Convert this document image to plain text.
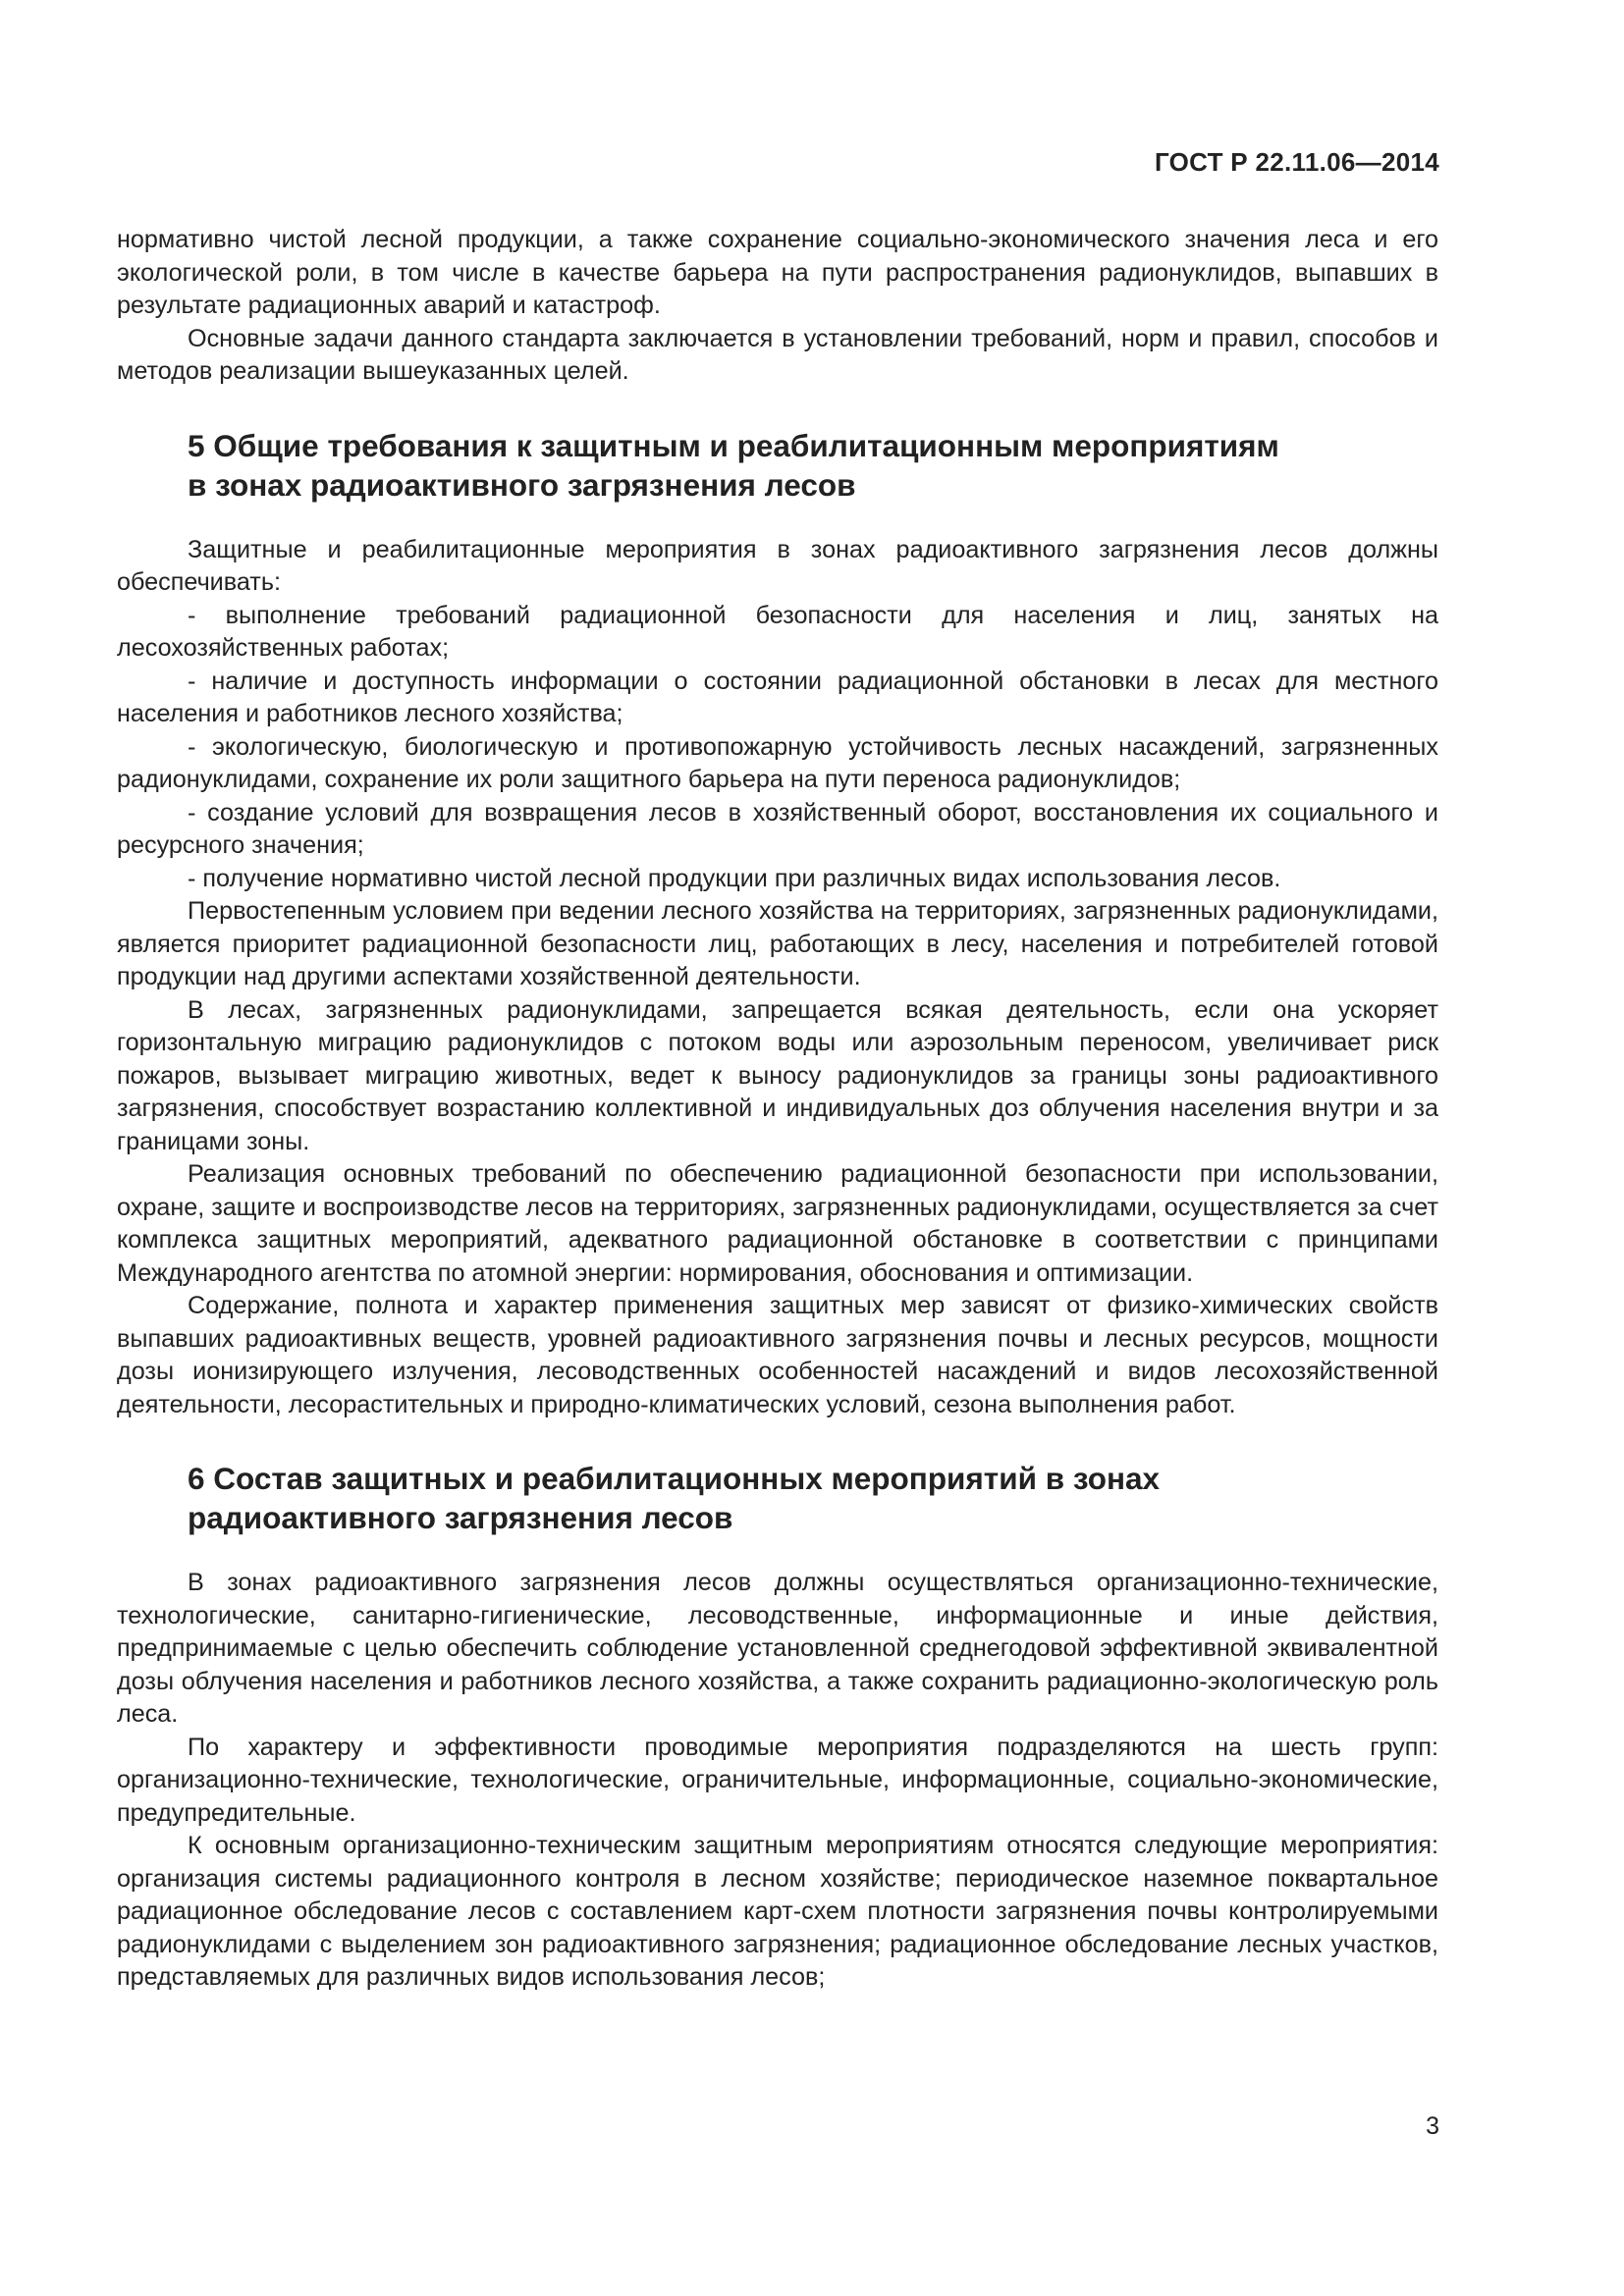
ГОСТ Р 22.11.06—2014

нормативно чистой лесной продукции, а также сохранение социально-экономического значения леса и его экологической роли, в том числе в качестве барьера на пути распространения радионуклидов, выпавших в результате радиационных аварий и катастроф.

Основные задачи данного стандарта заключается в установлении требований, норм и правил, способов и методов реализации вышеуказанных целей.

5 Общие требования к защитным и реабилитационным мероприятиям
в зонах радиоактивного загрязнения лесов

Защитные и реабилитационные мероприятия в зонах радиоактивного загрязнения лесов должны обеспечивать:

- выполнение требований радиационной безопасности для населения и лиц, занятых на лесохозяйственных работах;

- наличие и доступность информации о состоянии радиационной обстановки в лесах для местного населения и работников лесного хозяйства;

- экологическую, биологическую и противопожарную устойчивость лесных насаждений, загрязненных радионуклидами, сохранение их роли защитного барьера на пути переноса радионуклидов;

- создание условий для возвращения лесов в хозяйственный оборот, восстановления их социального и ресурсного значения;

- получение нормативно чистой лесной продукции при различных видах использования лесов.

Первостепенным условием при ведении лесного хозяйства на территориях, загрязненных радионуклидами, является приоритет радиационной безопасности лиц, работающих в лесу, населения и потребителей готовой продукции над другими аспектами хозяйственной деятельности.

В лесах, загрязненных радионуклидами, запрещается всякая деятельность, если она ускоряет горизонтальную миграцию радионуклидов с потоком воды или аэрозольным переносом, увеличивает риск пожаров, вызывает миграцию животных, ведет к выносу радионуклидов за границы зоны радиоактивного загрязнения, способствует возрастанию коллективной и индивидуальных доз облучения населения внутри и за границами зоны.

Реализация основных требований по обеспечению радиационной безопасности при использовании, охране, защите и воспроизводстве лесов на территориях, загрязненных радионуклидами, осуществляется за счет комплекса защитных мероприятий, адекватного радиационной обстановке в соответствии с принципами Международного агентства по атомной энергии: нормирования, обоснования и оптимизации.

Содержание, полнота и характер применения защитных мер зависят от физико-химических свойств выпавших радиоактивных веществ, уровней радиоактивного загрязнения почвы и лесных ресурсов, мощности дозы ионизирующего излучения, лесоводственных особенностей насаждений и видов лесохозяйственной деятельности, лесорастительных и природно-климатических условий, сезона выполнения работ.

6 Состав защитных и реабилитационных мероприятий в зонах
радиоактивного загрязнения лесов

В зонах радиоактивного загрязнения лесов должны осуществляться организационно-технические, технологические, санитарно-гигиенические, лесоводственные, информационные и иные действия, предпринимаемые с целью обеспечить соблюдение установленной среднегодовой эффективной эквивалентной дозы облучения населения и работников лесного хозяйства, а также сохранить радиационно-экологическую роль леса.

По характеру и эффективности проводимые мероприятия подразделяются на шесть групп: организационно-технические, технологические, ограничительные, информационные, социально-экономические, предупредительные.

К основным организационно-техническим защитным мероприятиям относятся следующие мероприятия: организация системы радиационного контроля в лесном хозяйстве; периодическое наземное поквартальное радиационное обследование лесов с составлением карт-схем плотности загрязнения почвы контролируемыми радионуклидами с выделением зон радиоактивного загрязнения; радиационное обследование лесных участков, представляемых для различных видов использования лесов;

3
